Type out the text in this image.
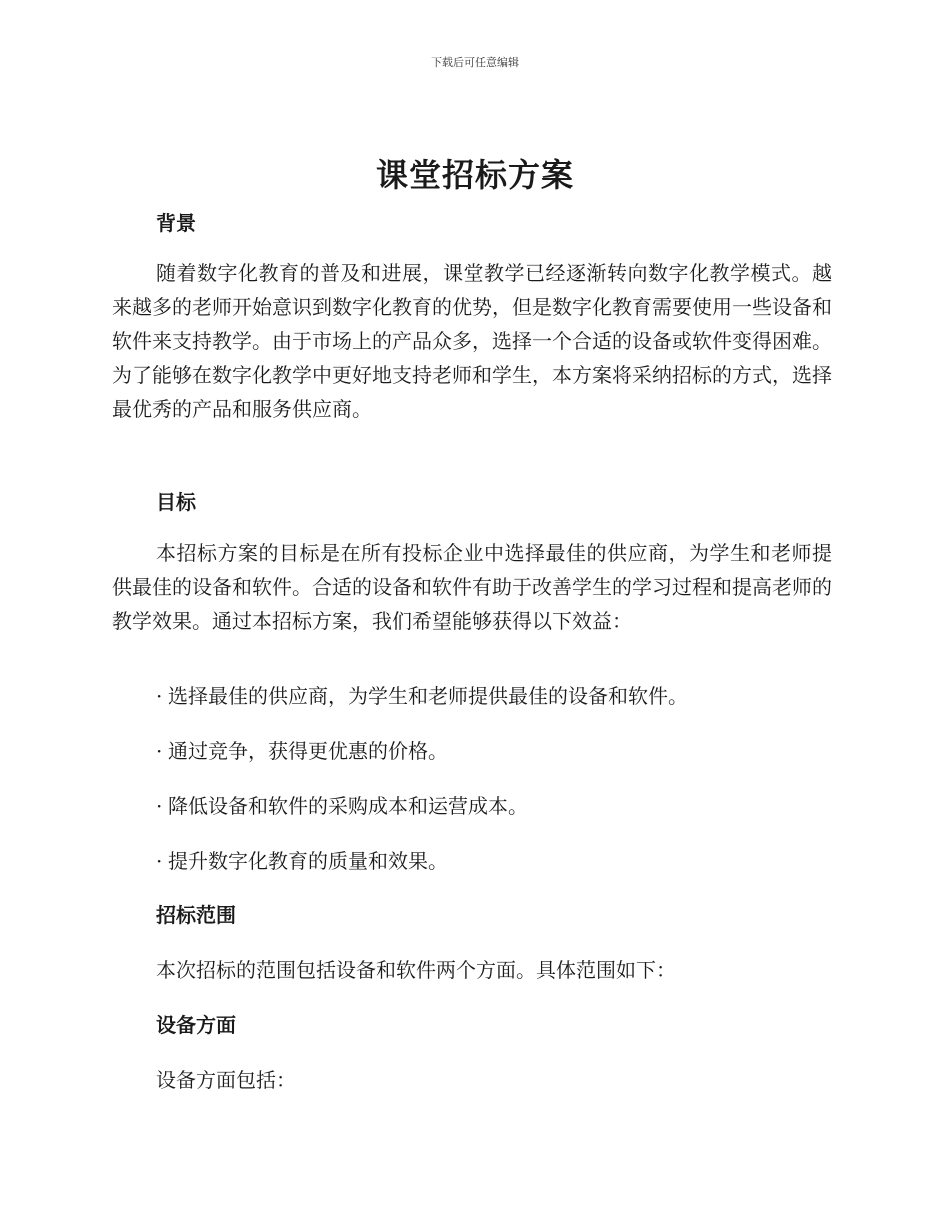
下载后可任意编辑
课堂招标方案
背景
随着数字化教育的普及和进展，课堂教学已经逐渐转向数字化教学模式。越来越多的老师开始意识到数字化教育的优势，但是数字化教育需要使用一些设备和软件来支持教学。由于市场上的产品众多，选择一个合适的设备或软件变得困难。为了能够在数字化教学中更好地支持老师和学生，本方案将采纳招标的方式，选择最优秀的产品和服务供应商。
目标
本招标方案的目标是在所有投标企业中选择最佳的供应商，为学生和老师提供最佳的设备和软件。合适的设备和软件有助于改善学生的学习过程和提高老师的教学效果。通过本招标方案，我们希望能够获得以下效益：
· 选择最佳的供应商，为学生和老师提供最佳的设备和软件。
· 通过竞争，获得更优惠的价格。
· 降低设备和软件的采购成本和运营成本。
· 提升数字化教育的质量和效果。
招标范围
本次招标的范围包括设备和软件两个方面。具体范围如下：
设备方面
设备方面包括：
